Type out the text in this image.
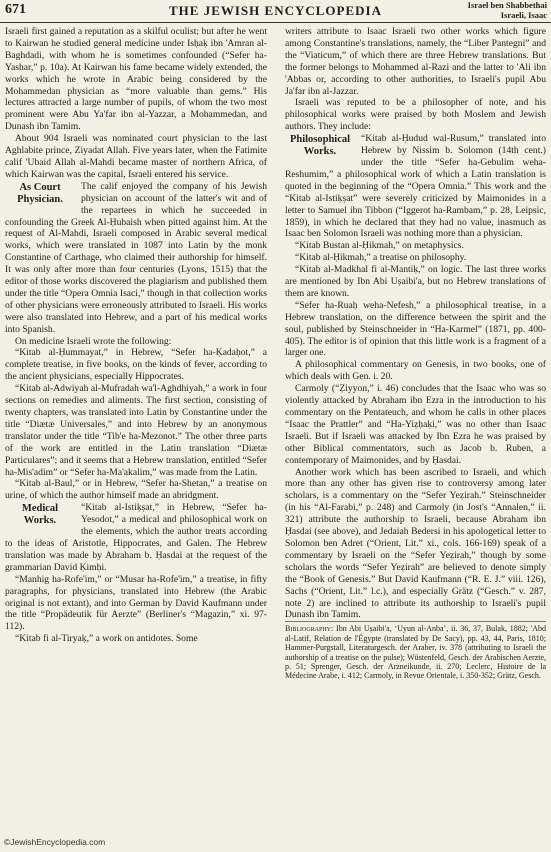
671	THE JEWISH ENCYCLOPEDIA	Israel ben Shabbethai
Israeli, Isaac

Israeli first gained a reputation as a skilful oculist; but after he went to Kairwan he studied general medicine under Isḥaḳ ibn 'Amran al-Baghdadi, with whom he is sometimes confounded (“Sefer ha-Yashar,” p. 10a). At Kairwan his fame became widely extended, the works which he wrote in Arabic being considered by the Mohammedan physician as “more valuable than gems.” His lectures attracted a large number of pupils, of whom the two most prominent were Abu Ya'far ibn al-Yazzar, a Mohammedan, and Dunash ibn Tamim.

About 904 Israeli was nominated court physician to the last Aghlabite prince, Ziyadat Allah. Five years later, when the Fatimite calif 'Ubaid Allah al-Mahdi became master of northern Africa, of which Kairwan was the capital, Israeli entered his service.

As Court Physician.
The calif enjoyed the company of his Jewish physician on account of the latter's wit and of the repartees in which he succeeded in confounding the Greek Al-Ḥubaish when pitted against him. At the request of Al-Mahdi, Israeli composed in Arabic several medical works, which were translated in 1087 into Latin by the monk Constantine of Carthage, who claimed their authorship for himself. It was only after more than four centuries (Lyons, 1515) that the editor of those works discovered the plagiarism and published them under the title “Opera Omnia Isaci,” though in that collection works of other physicians were erroneously attributed to Israeli. His works were also translated into Hebrew, and a part of his medical works into Spanish.

On medicine Israeli wrote the following:

“Kitab al-Ḥummayat,” in Hebrew, “Sefer ha-Ḳadaḥot,” a complete treatise, in five books, on the kinds of fever, according to the ancient physicians, especially Hippocrates.

“Kitab al-Adwiyah al-Mufradah wa'l-Aghdhiyah,” a work in four sections on remedies and aliments. The first section, consisting of twenty chapters, was translated into Latin by Constantine under the title “Diætæ Universales,” and into Hebrew by an anonymous translator under the title “Tib'e ha-Mezonot.” The other three parts of the work are entitled in the Latin translation “Diætæ Particulares”; and it seems that a Hebrew translation, entitled “Sefer ha-Mis'adim” or “Sefer ha-Ma'akalim,” was made from the Latin.

“Kitab al-Baul,” or in Hebrew, “Sefer ha-Shetan,” a treatise on urine, of which the author himself made an abridgment.

Medical Works.
“Kitab al-Istiḳṣat,” in Hebrew, “Sefer ha-Yesodot,” a medical and philosophical work on the elements, which the author treats according to the ideas of Aristotle, Hippocrates, and Galen. The Hebrew translation was made by Abraham b. Ḥasdai at the request of the grammarian David Ḳimḥi.

“Manhig ha-Rofe'im,” or “Musar ha-Rofe'im,” a treatise, in fifty paragraphs, for physicians, translated into Hebrew (the Arabic original is not extant), and into German by David Kaufmann under the title “Propädeutik für Aerzte” (Berliner's “Magazin,” xi. 97-112).

“Kitab fi al-Tiryaḳ,” a work on antidotes. Some

writers attribute to Isaac Israeli two other works which figure among Constantine's translations, namely, the “Liber Pantegni” and the “Viaticum,” of which there are three Hebrew translations. But the former belongs to Mohammed al-Razi and the latter to 'Ali ibn 'Abbas or, according to other authorities, to Israeli's pupil Abu Ja'far ibn al-Jazzar.

Israeli was reputed to be a philosopher of note, and his philosophical works were praised by both Moslem and Jewish authors. They include:

Philosophical Works.
“Kitab al-Ḥudud wal-Rusum,” translated into Hebrew by Nissim b. Solomon (14th cent.) under the title “Sefer ha-Gebulim weha-Reshumim,” a philosophical work of which a Latin translation is quoted in the beginning of the “Opera Omnia.” This work and the “Kitab al-Istiḳṣat” were severely criticized by Maimonides in a letter to Samuel ibn Tibbon (“Iggerot ha-Rambam,” p. 28, Leipsic, 1859), in which he declared that they had no value, inasmuch as Isaac ben Solomon Israeli was nothing more than a physician.

“Kitab Bustan al-Ḥikmah,” on metaphysics.

“Kitab al-Ḥikmah,” a treatise on philosophy.

“Kitab al-Madkhal fi al-Mantiḳ,” on logic. The last three works are mentioned by Ibn Abi Uṣaibi'a, but no Hebrew translations of them are known.

“Sefer ha-Ruaḥ weha-Nefesh,” a philosophical treatise, in a Hebrew translation, on the difference between the spirit and the soul, published by Steinschneider in “Ha-Karmel” (1871, pp. 400-405). The editor is of opinion that this little work is a fragment of a larger one.

A philosophical commentary on Genesis, in two books, one of which deals with Gen. i. 20.

Carmoly (“Ẓiyyon,” i. 46) concludes that the Isaac who was so violently attacked by Abraham ibn Ezra in the introduction to his commentary on the Pentateuch, and whom he calls in other places “Isaac the Prattler” and “Ha-Yiẓḥaḳi,” was no other than Isaac Israeli. But if Israeli was attacked by Ibn Ezra he was praised by other Biblical commentators, such as Jacob b. Ruben, a contemporary of Maimonides, and by Ḥasdai.

Another work which has been ascribed to Israeli, and which more than any other has given rise to controversy among later scholars, is a commentary on the “Sefer Yeẓirah.” Steinschneider (in his “Al-Farabi,” p. 248) and Carmoly (in Jost's “Annalen,” ii. 321) attribute the authorship to Israeli, because Abraham ibn Ḥasdai (see above), and Jedaiah Bedersi in his apologetical letter to Solomon ben Adret (“Orient, Lit.” xi., cols. 166-169) speak of a commentary by Israeli on the “Sefer Yeẓirah,” though by some scholars the words “Sefer Yeẓirah” are believed to denote simply the “Book of Genesis.” But David Kaufmann (“R. E. J.” viii. 126), Sachs (“Orient, Lit.” l.c.), and especially Grätz (“Gesch.” v. 287, note 2) are inclined to attribute its authorship to Israeli's pupil Dunash ibn Tamim.

Bibliography: Ibn Abi Uṣaibi'a, ‘Uyun al-Anba’, ii. 36, 37, Bulak, 1882; 'Abd al-Latif, Relation de l'Égypte (translated by De Sacy), pp. 43, 44, Paris, 1810; Hammer-Purgstall, Literaturgesch. der Araber, iv. 378 (attributing to Israeli the authorship of a treatise on the pulse); Wüstenfeld, Gesch. der Arabischen Aerzte, p. 51; Sprenger, Gesch. der Arzneikunde, ii. 270; Leclerc, Histoire de la Médecine Arabe, i. 412; Carmoly, in Revue Orientale, i. 350-352; Grätz, Gesch.

©JewishEncyclopedia.com
